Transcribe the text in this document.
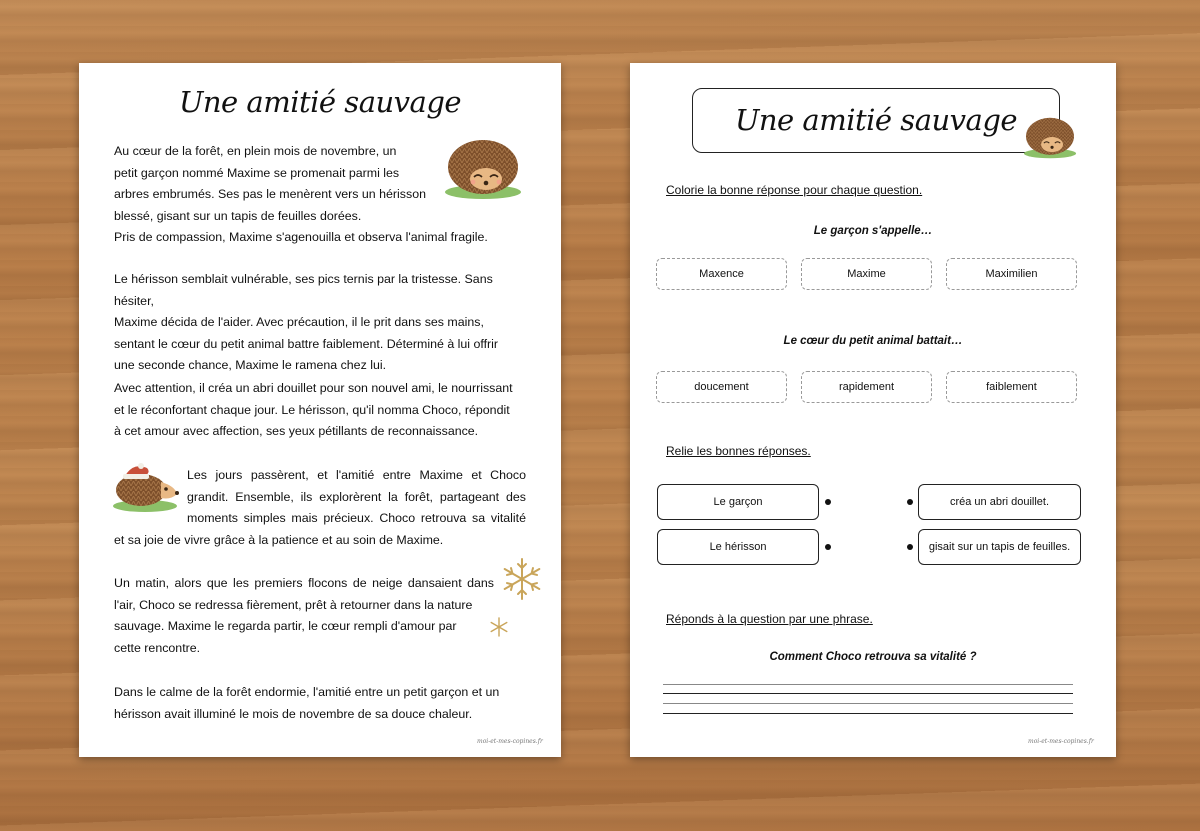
Une amitié sauvage
Au cœur de la forêt, en plein mois de novembre, un
petit garçon nommé Maxime se promenait parmi les
arbres embrumés. Ses pas le menèrent vers un hérisson
blessé, gisant sur un tapis de feuilles dorées.
Pris de compassion, Maxime s'agenouilla et observa l'animal fragile.
Le hérisson semblait vulnérable, ses pics ternis par la tristesse. Sans hésiter,
Maxime décida de l'aider. Avec précaution, il le prit dans ses mains,
sentant le cœur du petit animal battre faiblement. Déterminé à lui offrir
une seconde chance, Maxime le ramena chez lui.
Avec attention, il créa un abri douillet pour son nouvel ami, le nourrissant
et le réconfortant chaque jour. Le hérisson, qu'il nomma Choco, répondit
à cet amour avec affection, ses yeux pétillants de reconnaissance.
Les jours passèrent, et l'amitié entre Maxime et Choco
grandit. Ensemble, ils explorèrent la forêt, partageant des
moments simples mais précieux. Choco retrouva sa vitalité
et sa joie de vivre grâce à la patience et au soin de Maxime.
Un matin, alors que les premiers flocons de neige dansaient dans
l'air, Choco se redressa fièrement, prêt à retourner dans la nature
sauvage. Maxime le regarda partir, le cœur rempli d'amour par
cette rencontre.
Dans le calme de la forêt endormie, l'amitié entre un petit garçon et un
hérisson avait illuminé le mois de novembre de sa douce chaleur.
moi-et-mes-copines.fr
Une amitié sauvage
Colorie la bonne réponse pour chaque question.
Le garçon s'appelle…
Maxence	Maxime	Maximilien
Le cœur du petit animal battait…
doucement	rapidement	faiblement
Relie les bonnes réponses.
Le garçon	créa un abri douillet.
Le hérisson	gisait sur un tapis de feuilles.
Réponds à la question par une phrase.
Comment Choco retrouva sa vitalité ?
moi-et-mes-copines.fr
